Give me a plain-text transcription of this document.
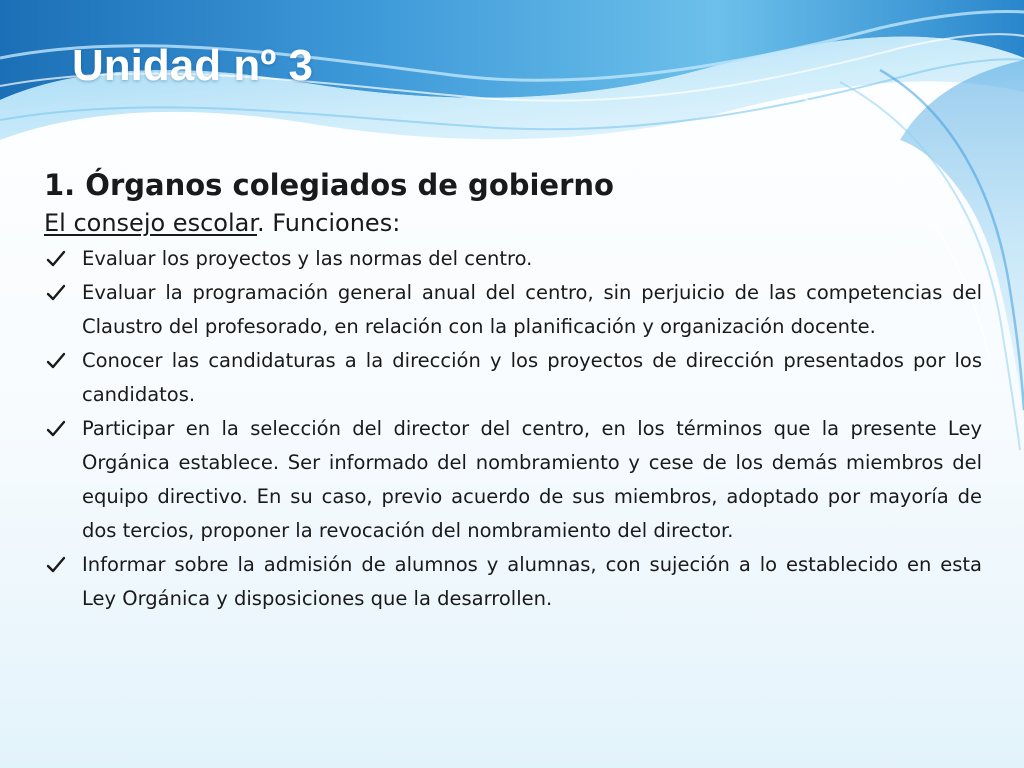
Unidad nº 3
1. Órganos colegiados de gobierno

El consejo escolar. Funciones:

Evaluar los proyectos y las normas del centro.
Evaluar la programación general anual del centro, sin perjuicio de las competencias del Claustro del profesorado, en relación con la planificación y organización docente.
Conocer las candidaturas a la dirección y los proyectos de dirección presentados por los candidatos.
Participar en la selección del director del centro, en los términos que la presente Ley Orgánica establece. Ser informado del nombramiento y cese de los demás miembros del equipo directivo. En su caso, previo acuerdo de sus miembros, adoptado por mayoría de dos tercios, proponer la revocación del nombramiento del director.
Informar sobre la admisión de alumnos y alumnas, con sujeción a lo establecido en esta Ley Orgánica y disposiciones que la desarrollen.
